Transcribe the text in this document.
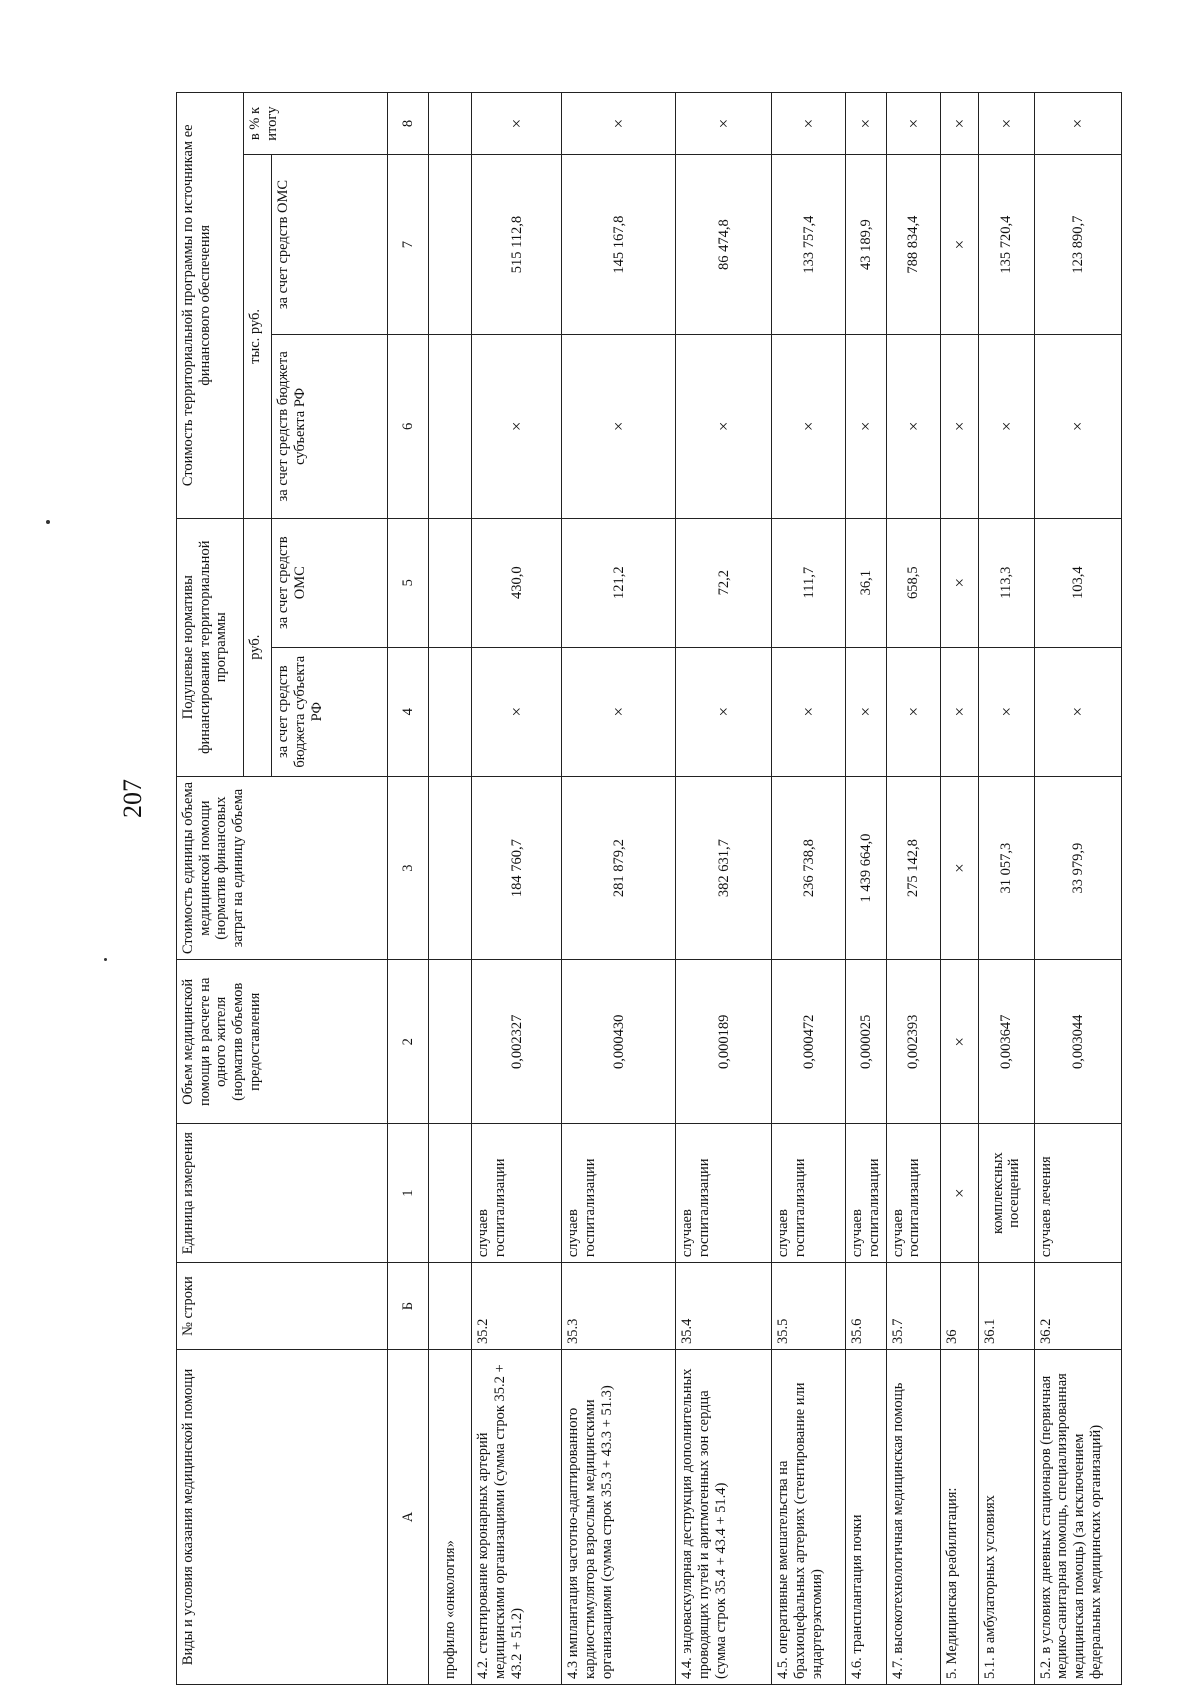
207
Виды и условия оказания медицинской помощи	№ строки	Единица измерения	Объем медицинской помощи в расчете на одного жителя (норматив объемов предоставления	Стоимость единицы объема медицинской помощи (норматив финансовых затрат на единицу объема	Подушевые нормативы финансирования территориальной программы		Стоимость территориальной программы по источникам ее финансового обеспечения		
					руб.		тыс. руб.		в % к итогу
					за счет средств бюджета субъекта РФ	за счет средств ОМС	за счет средств бюджета субъекта РФ	за счет средств ОМС	
А	Б	1	2	3	4	5	6	7	8
профилю «онкология»									
4.2. стентирование коронарных артерий медицинскими организациями (сумма строк 35.2 + 43.2 + 51.2)	35.2	случаев госпитализации	0,002327	184 760,7	×	430,0	×	515 112,8	×
4.3 имплантация частотно-адаптированного кардиостимулятора взрослым медицинскими организациями (сумма строк 35.3 + 43.3 + 51.3)	35.3	случаев госпитализации	0,000430	281 879,2	×	121,2	×	145 167,8	×
4.4. эндоваскулярная деструкция дополнительных проводящих путей и аритмогенных зон сердца (сумма строк 35.4 + 43.4 + 51.4)	35.4	случаев госпитализации	0,000189	382 631,7	×	72,2	×	86 474,8	×
4.5. оперативные вмешательства на брахиоцефальных артериях (стентирование или эндартерэктомия)	35.5	случаев госпитализации	0,000472	236 738,8	×	111,7	×	133 757,4	×
4.6. трансплантация почки	35.6	случаев госпитализации	0,000025	1 439 664,0	×	36,1	×	43 189,9	×
4.7. высокотехнологичная медицинская помощь	35.7	случаев госпитализации	0,002393	275 142,8	×	658,5	×	788 834,4	×
5. Медицинская реабилитация:	36	×	×	×	×	×	×	×	×
5.1. в амбулаторных условиях	36.1	комплексных посещений	0,003647	31 057,3	×	113,3	×	135 720,4	×
5.2. в условиях дневных стационаров (первичная медико-санитарная помощь, специализированная медицинская помощь) (за исключением федеральных медицинских организаций)	36.2	случаев лечения	0,003044	33 979,9	×	103,4	×	123 890,7	×
